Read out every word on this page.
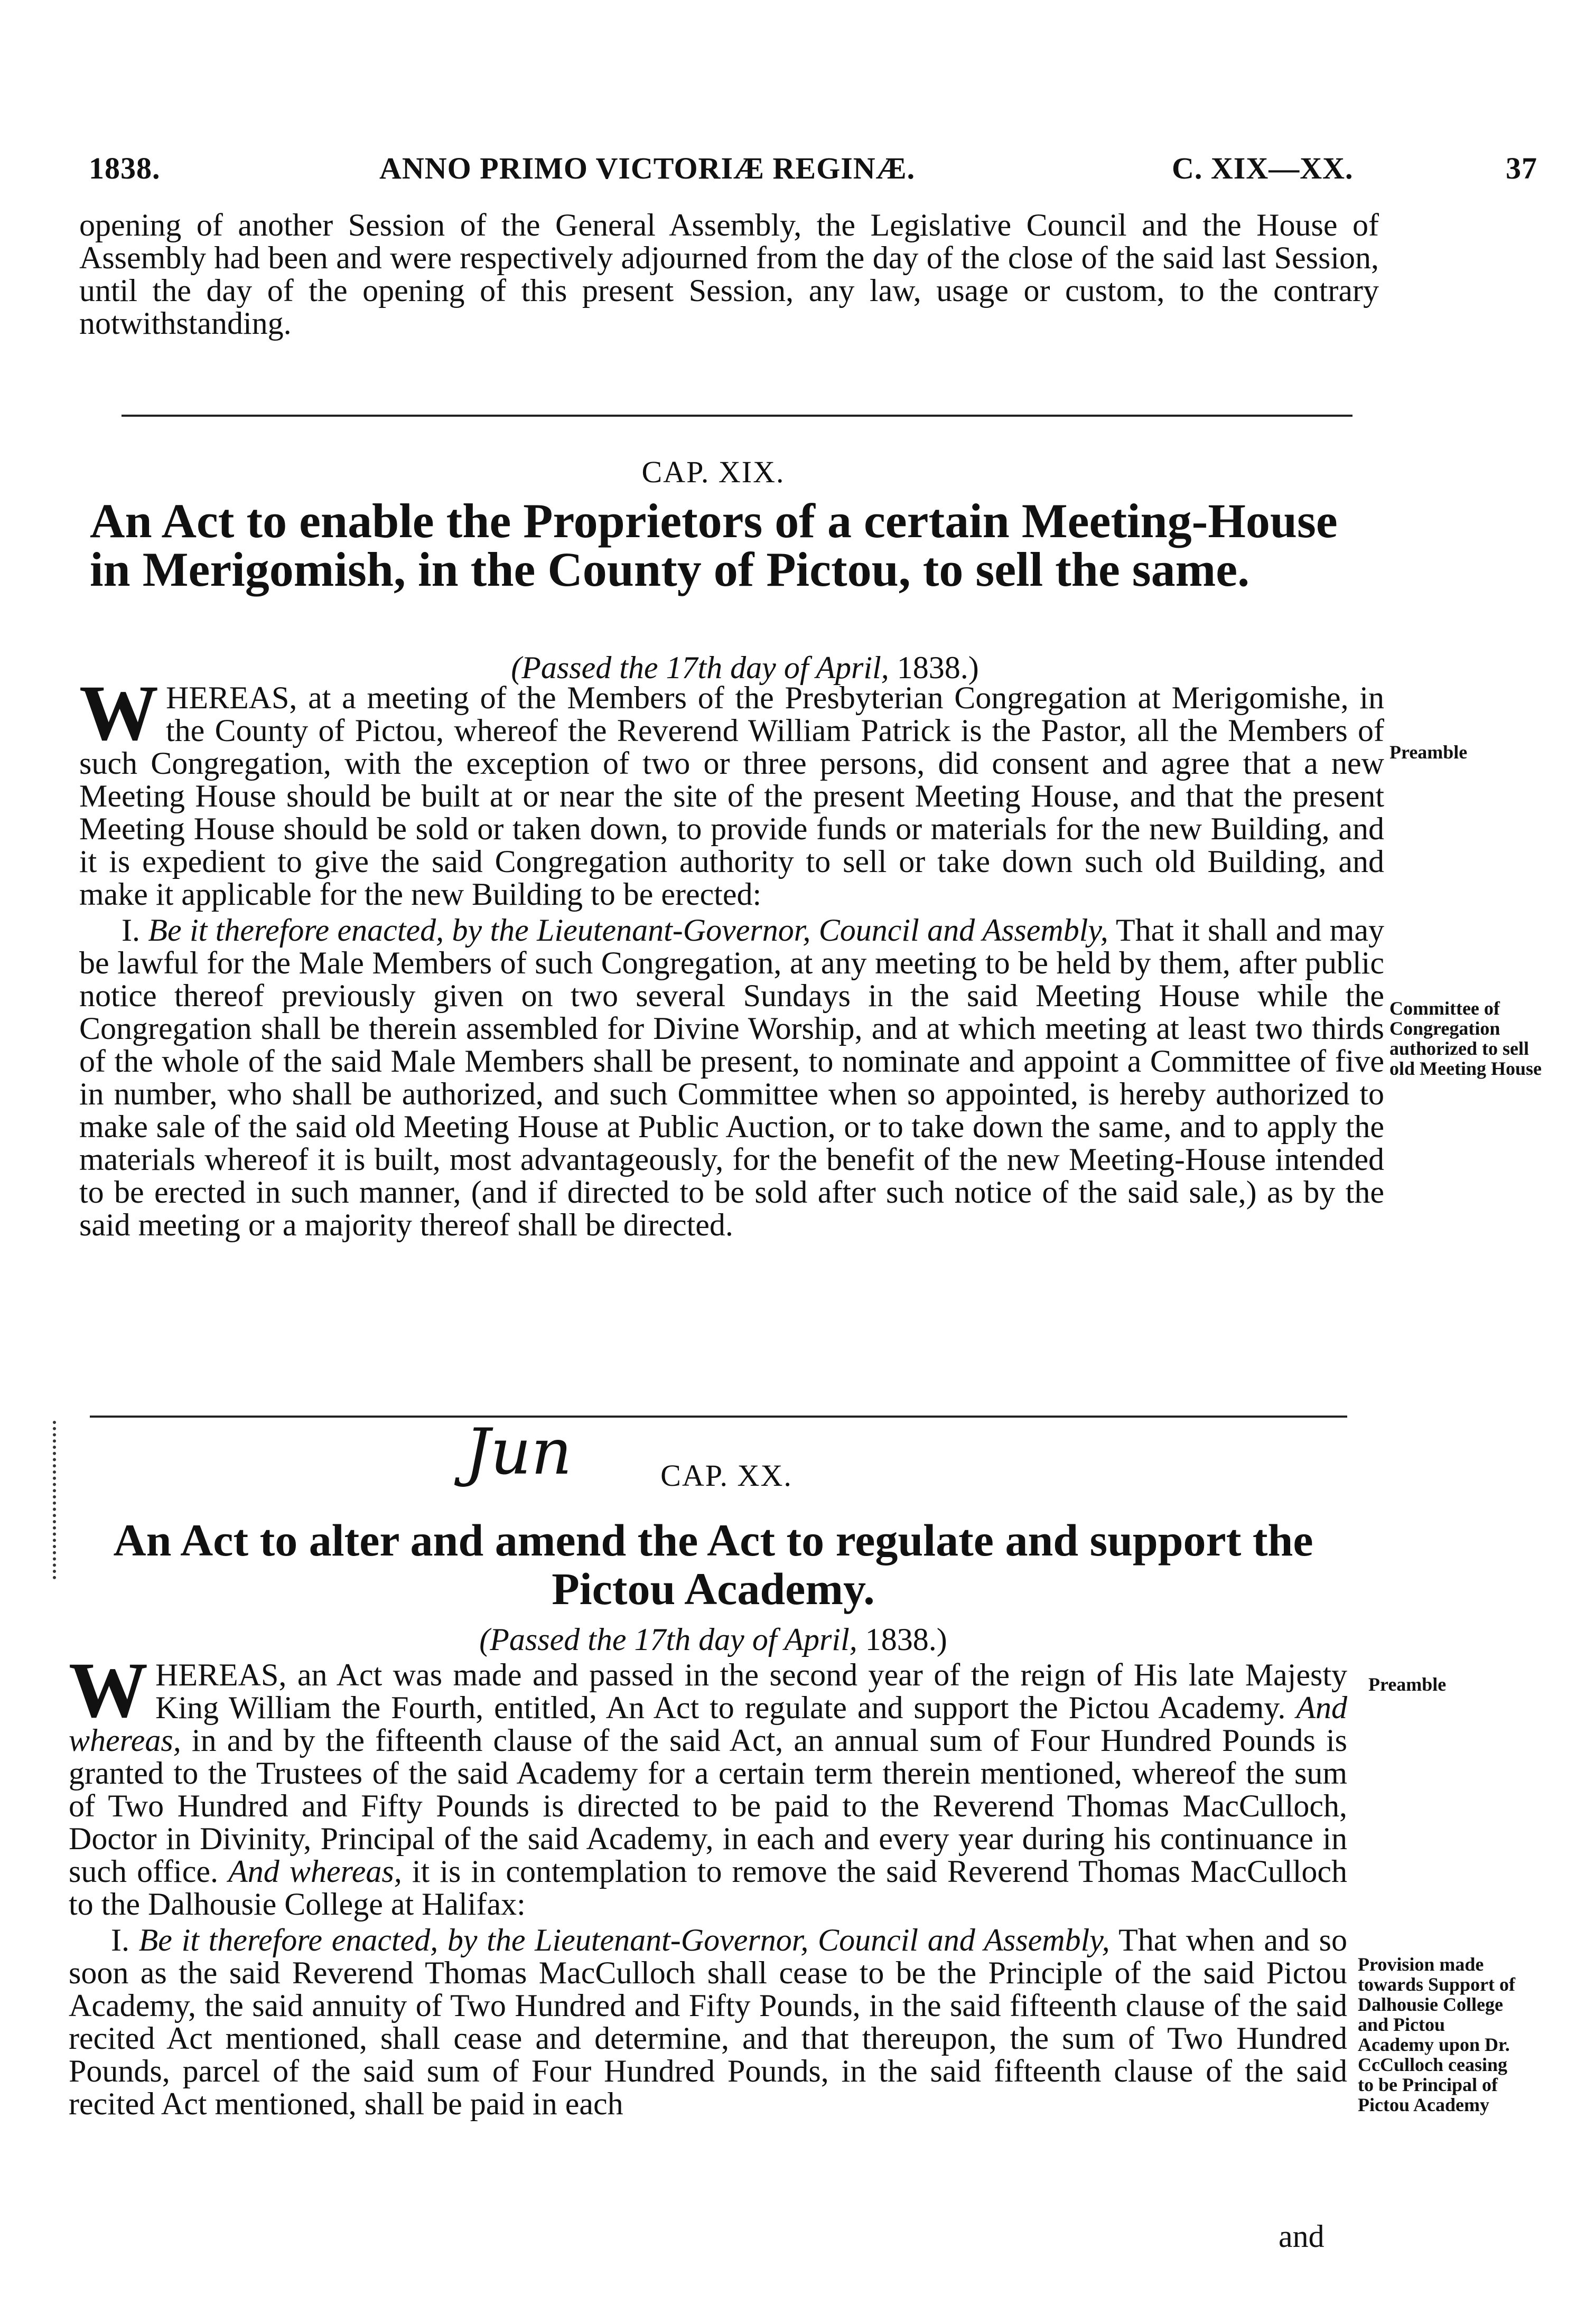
1838.	ANNO PRIMO VICTORIÆ REGINÆ.	C. XIX—XX.	37

opening of another Session of the General Assembly, the Legislative Council and the House of Assembly had been and were respectively adjourned from the day of the close of the said last Session, until the day of the opening of this present Session, any law, usage or custom, to the contrary notwithstanding.

CAP. XIX.
An Act to enable the Proprietors of a certain Meeting-House in Merigomish, in the County of Pictou, to sell the same.
(Passed the 17th day of April, 1838.)

WHEREAS, at a meeting of the Members of the Presbyterian Congregation at Merigomishe, in the County of Pictou, whereof the Reverend William Patrick is the Pastor, all the Members of such Congregation, with the exception of two or three persons, did consent and agree that a new Meeting House should be built at or near the site of the present Meeting House, and that the present Meeting House should be sold or taken down, to provide funds or materials for the new Building, and it is expedient to give the said Congregation authority to sell or take down such old Building, and make it applicable for the new Building to be erected:

I. Be it therefore enacted, by the Lieutenant-Governor, Council and Assembly, That it shall and may be lawful for the Male Members of such Congregation, at any meeting to be held by them, after public notice thereof previously given on two several Sundays in the said Meeting House while the Congregation shall be therein assembled for Divine Worship, and at which meeting at least two thirds of the whole of the said Male Members shall be present, to nominate and appoint a Committee of five in number, who shall be authorized, and such Committee when so appointed, is hereby authorized to make sale of the said old Meeting House at Public Auction, or to take down the same, and to apply the materials whereof it is built, most advantageously, for the benefit of the new Meeting-House intended to be erected in such manner, (and if directed to be sold after such notice of the said sale,) as by the said meeting or a majority thereof shall be directed.

Preamble
Committee of Congregation authorized to sell old Meeting House
Jun	CAP. XX.
An Act to alter and amend the Act to regulate and support the Pictou Academy.
(Passed the 17th day of April, 1838.)

WHEREAS, an Act was made and passed in the second year of the reign of His late Majesty King William the Fourth, entitled, An Act to regulate and support the Pictou Academy. And whereas, in and by the fifteenth clause of the said Act, an annual sum of Four Hundred Pounds is granted to the Trustees of the said Academy for a certain term therein mentioned, whereof the sum of Two Hundred and Fifty Pounds is directed to be paid to the Reverend Thomas MacCulloch, Doctor in Divinity, Principal of the said Academy, in each and every year during his continuance in such office. And whereas, it is in contemplation to remove the said Reverend Thomas MacCulloch to the Dalhousie College at Halifax:

I. Be it therefore enacted, by the Lieutenant-Governor, Council and Assembly, That when and so soon as the said Reverend Thomas MacCulloch shall cease to be the Principle of the said Pictou Academy, the said annuity of Two Hundred and Fifty Pounds, in the said fifteenth clause of the said recited Act mentioned, shall cease and determine, and that thereupon, the sum of Two Hundred Pounds, parcel of the said sum of Four Hundred Pounds, in the said fifteenth clause of the said recited Act mentioned, shall be paid in each

and
Preamble
Provision made towards Support of Dalhousie College and Pictou Academy upon Dr. CcCulloch ceasing to be Principal of Pictou Academy
